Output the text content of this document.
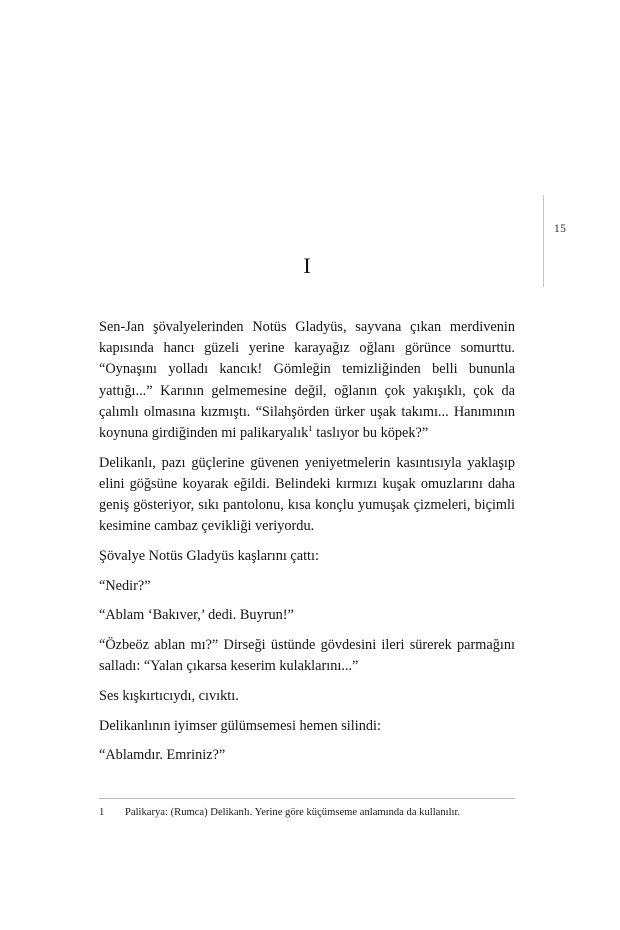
15
I

Sen-Jan şövalyelerinden Notüs Gladyüs, sayvana çıkan merdivenin kapısında hancı güzeli yerine karayağız oğlanı görünce somurttu. “Oynaşını yolladı kancık! Gömleğin temizliğinden belli bununla yattığı...” Karının gelmemesine değil, oğlanın çok yakışıklı, çok da çalımlı olmasına kızmıştı. “Silahşörden ürker uşak takımı... Hanımının koynuna girdiğinden mi palikaryalık$^1$ taslıyor bu köpek?”

Delikanlı, pazı güçlerine güvenen yeniyetmelerin kasıntısıyla yaklaşıp elini göğsüne koyarak eğildi. Belindeki kırmızı kuşak omuzlarını daha geniş gösteriyor, sıkı pantolonu, kısa konçlu yumuşak çizmeleri, biçimli kesimine cambaz çevikliği veriyordu.

Şövalye Notüs Gladyüs kaşlarını çattı:

“Nedir?”

“Ablam ‘Bakıver,’ dedi. Buyrun!”

“Özbeöz ablan mı?” Dirseği üstünde gövdesini ileri sürerek parmağını salladı: “Yalan çıkarsa keserim kulaklarını...”

Ses kışkırtıcıydı, cıvıktı.

Delikanlının iyimser gülümsemesi hemen silindi:

“Ablamdır. Emriniz?”

1	Palikarya: (Rumca) Delikanlı. Yerine göre küçümseme anlamında da kullanılır.
